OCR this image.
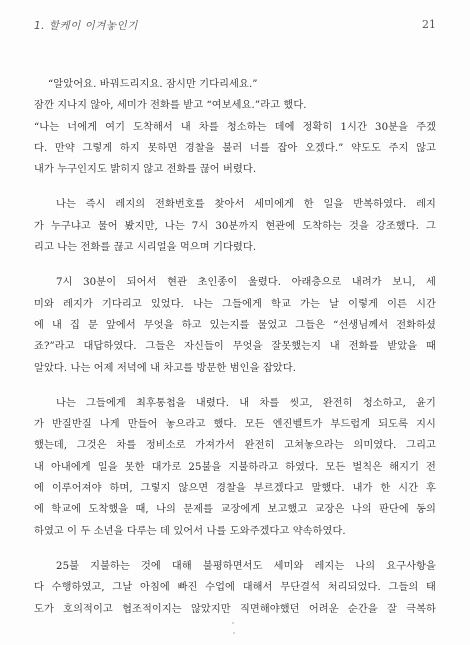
1. 할케이 이겨놓인기	21
“알았어요. 바꿔드리지요. 잠시만 기다리세요.”
잠깐 지나지 않아, 세미가 전화를 받고 “여보세요.”라고 했다.
“나는 너에게 여기 도착해서 내 차를 청소하는 데에 정확히 1시간 30분을 주겠
다. 만약 그렇게 하지 못하면 경찰을 불러 너를 잡아 오겠다.” 약도도 주지 않고
내가 누구인지도 밝히지 않고 전화를 끊어 버렸다.
나는 즉시 레지의 전화번호를 찾아서 세미에게 한 일을 반복하였다. 레지
가 누구냐고 물어 봤지만, 나는 7시 30분까지 현관에 도착하는 것을 강조했다. 그
리고 나는 전화를 끊고 시리얼을 먹으며 기다렸다.
7시 30분이 되어서 현관 초인종이 울렸다. 아래층으로 내려가 보니, 세
미와 레지가 기다리고 있었다. 나는 그들에게 학교 가는 날 이렇게 이른 시간
에 내 집 문 앞에서 무엇을 하고 있는지를 물었고 그들은 “선생님께서 전화하셨
죠?”라고 대답하였다. 그들은 자신들이 무엇을 잘못했는지 내 전화를 받았을 때
알았다. 나는 어제 저녁에 내 차고를 방문한 범인을 잡았다.
나는 그들에게 최후통첩을 내렸다. 내 차를 씻고, 완전히 청소하고, 윤기
가 반질반질 나게 만들어 놓으라고 했다. 모든 엔진벨트가 부드럽게 되도록 지시
했는데, 그것은 차를 정비소로 가져가서 완전히 고쳐놓으라는 의미였다. 그리고
내 아내에게 일을 못한 대가로 25불을 지불하라고 하였다. 모든 벌칙은 해지기 전
에 이루어져야 하며, 그렇지 않으면 경찰을 부르겠다고 말했다. 내가 한 시간 후
에 학교에 도착했을 때, 나의 문제를 교장에게 보고했고 교장은 나의 판단에 동의
하였고 이 두 소년을 다루는 데 있어서 나를 도와주겠다고 약속하였다.
25불 지불하는 것에 대해 불평하면서도 세미와 레지는 나의 요구사항을
다 수행하였고, 그날 아침에 빠진 수업에 대해서 무단결석 처리되었다. 그들의 태
도가 호의적이고 협조적이지는 않았지만 직면해야했던 어려운 순간을 잘 극복하
